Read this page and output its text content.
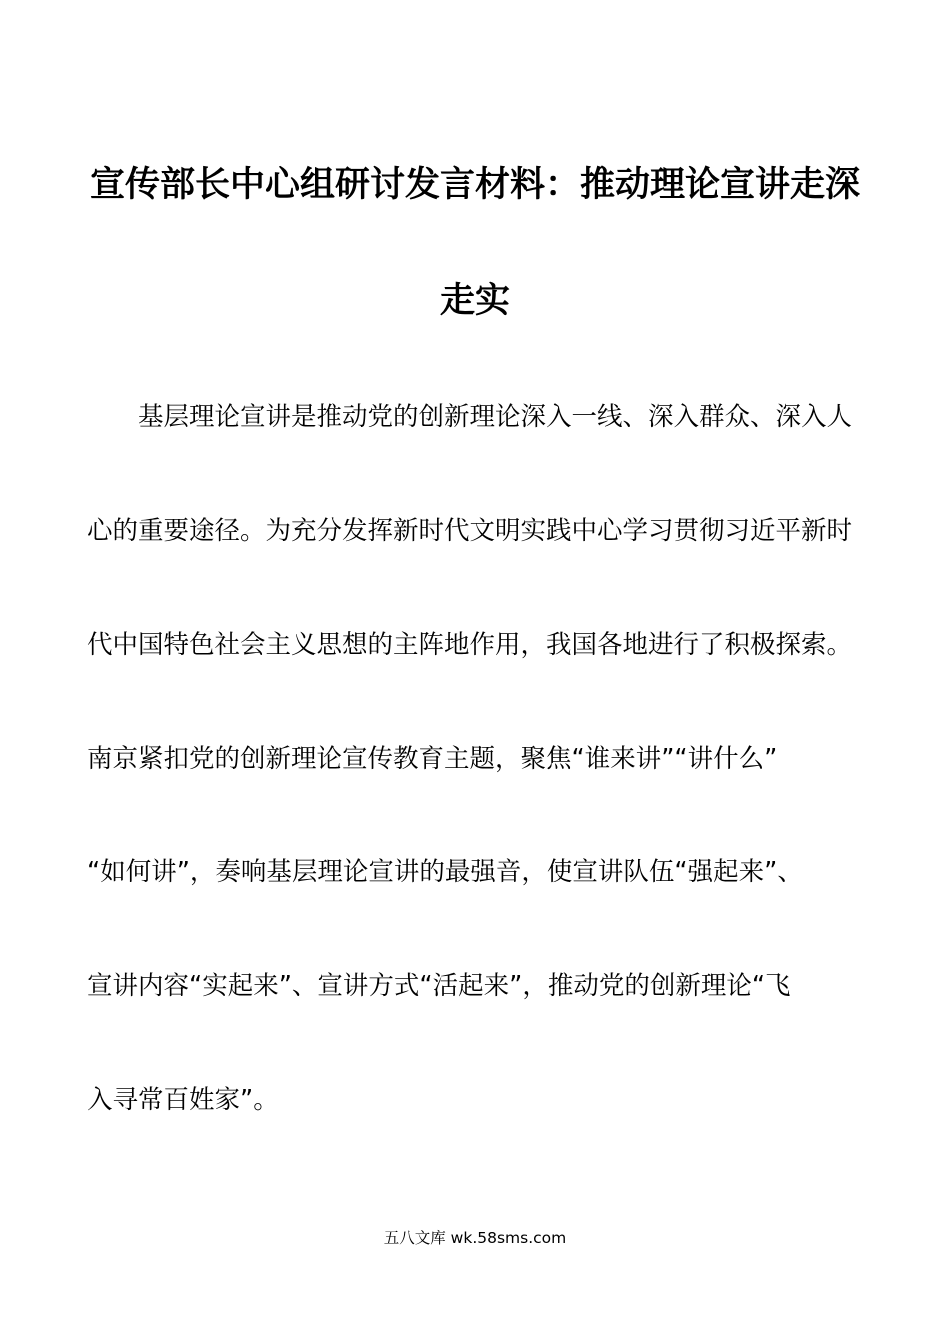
宣传部长中心组研讨发言材料：推动理论宣讲走深
走实
　　基层理论宣讲是推动党的创新理论深入一线、深入群众、深入人
心的重要途径。为充分发挥新时代文明实践中心学习贯彻习近平新时
代中国特色社会主义思想的主阵地作用，我国各地进行了积极探索。
南京紧扣党的创新理论宣传教育主题，聚焦“谁来讲”“讲什么”
“如何讲”，奏响基层理论宣讲的最强音，使宣讲队伍“强起来”、
宣讲内容“实起来”、宣讲方式“活起来”，推动党的创新理论“飞
入寻常百姓家”。
五八文库 wk.58sms.com
